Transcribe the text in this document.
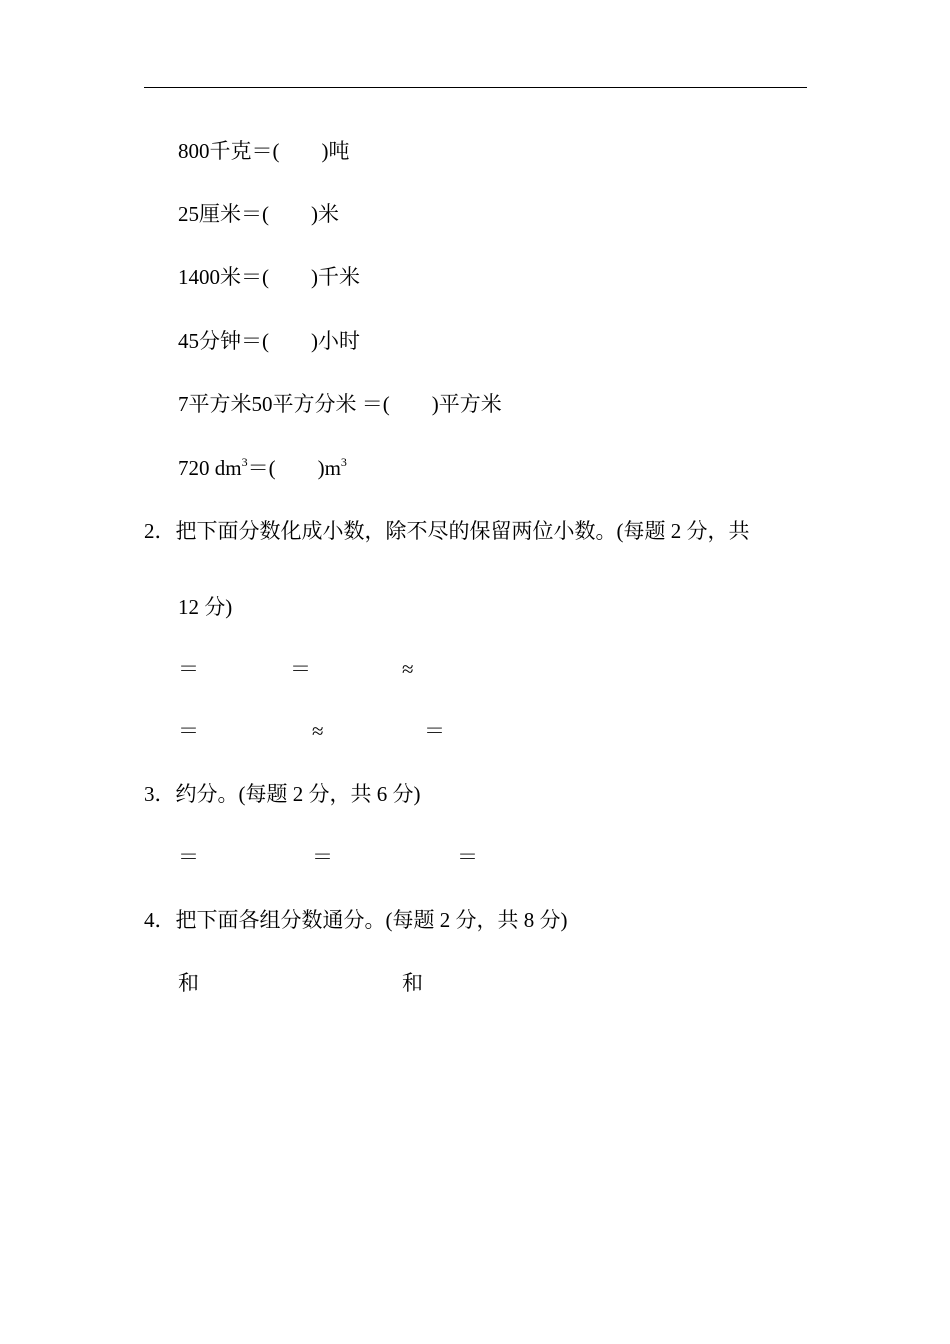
800千克＝(　　)吨
25厘米＝(　　)米
1400米＝(　　)千米
45分钟＝(　　)小时
7平方米50平方分米 ＝(　　)平方米
720 $dm^3=$(　　)$m^3$
2．把下面分数化成小数，除不尽的保留两位小数。(每题 2 分，共
12 分)
＝	＝	≈
＝	≈	＝
3．约分。(每题 2 分，共 6 分)
＝	＝	＝
4．把下面各组分数通分。(每题 2 分，共 8 分)
和	和
